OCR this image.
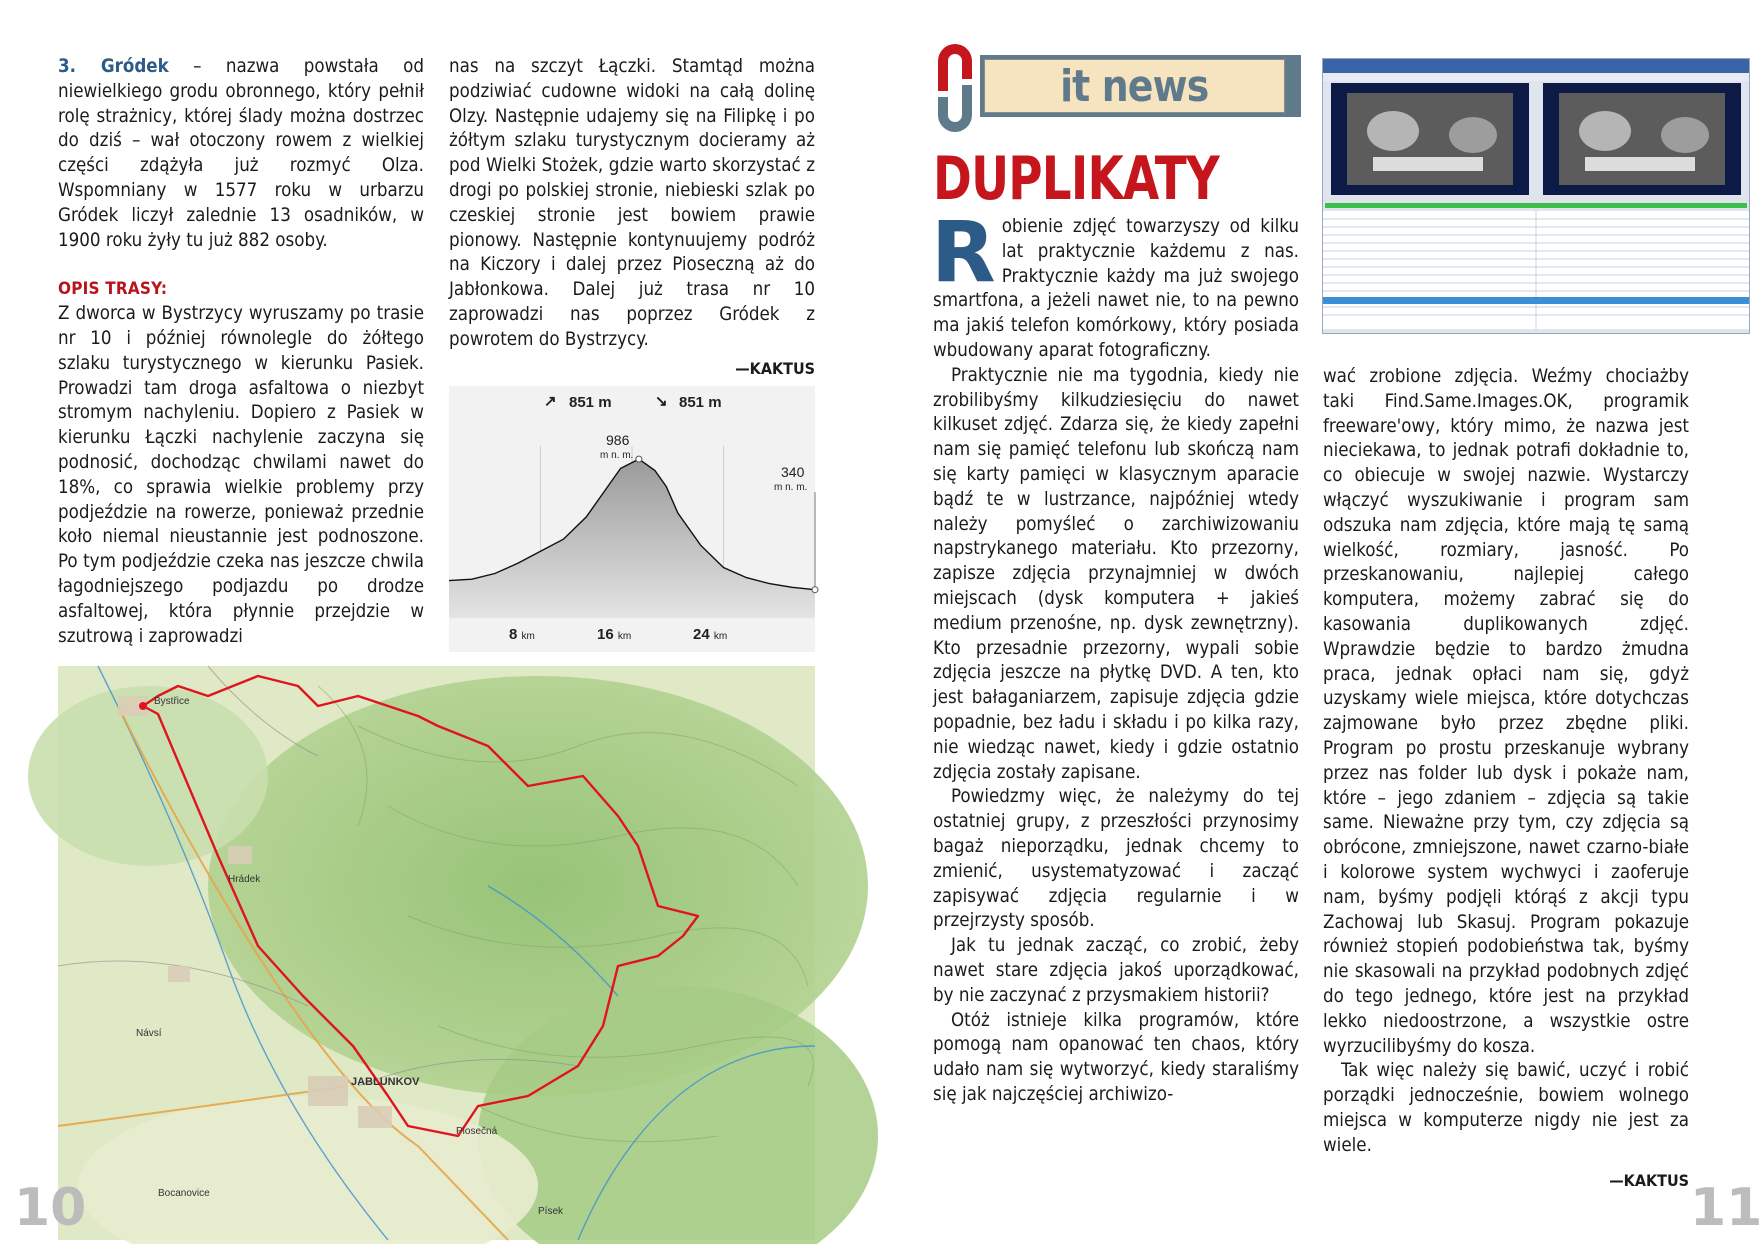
3. Gródek – nazwa powstała od niewielkiego grodu obronnego, który pełnił rolę strażnicy, której ślady można dostrzec do dziś – wał otoczony rowem z wielkiej części zdążyła już rozmyć Olza. Wspomniany w 1577 roku w urbarzu Gródek liczył zalednie 13 osadników, w 1900 roku żyły tu już 882 osoby.

OPIS TRASY:

Z dworca w Bystrzycy wyruszamy po trasie nr 10 i później równolegle do żółtego szlaku turystycznego w kierunku Pasiek. Prowadzi tam droga asfaltowa o niezbyt stromym nachyleniu. Dopiero z Pasiek w kierunku Łączki nachylenie zaczyna się podnosić, dochodząc chwilami nawet do 18%, co sprawia wielkie problemy przy podjeździe na rowerze, ponieważ przednie koło niemal nieustannie jest podnoszone. Po tym podjeździe czeka nas jeszcze chwila łagodniejszego podjazdu po drodze asfaltowej, która płynnie przejdzie w szutrową i zaprowadzi

nas na szczyt Łączki. Stamtąd można podziwiać cudowne widoki na całą dolinę Olzy. Następnie udajemy się na Filipkę i po żółtym szlaku turystycznym docieramy aż pod Wielki Stożek, gdzie warto skorzystać z drogi po polskiej stronie, niebieski szlak po czeskiej stronie jest bowiem prawie pionowy. Następnie kontynuujemy podróż na Kiczory i dalej przez Pioseczną aż do Jabłonkowa. Dalej już trasa nr 10 zaprowadzi nas poprzez Gródek z powrotem do Bystrzycy.

—KAKTUS

↗ 851 m	↘ 851 m
986
m n. m.
340
m n. m.
8 km	16 km	24 km
JABLUNKOV
Piosečná
Bystřice
Hrádek
Návsí
Bocanovice
Písek
10
it news
DUPLIKATY
R obienie zdjęć towarzyszy od kilku lat praktycznie każdemu z nas. Praktycznie każdy ma już swojego smartfona, a jeżeli nawet nie, to na pewno ma jakiś telefon komórkowy, który posiada wbudowany aparat fotograficzny.

Praktycznie nie ma tygodnia, kiedy nie zrobilibyśmy kilkudziesięciu do nawet kilkuset zdjęć. Zdarza się, że kiedy zapełni nam się pamięć telefonu lub skończą nam się karty pamięci w klasycznym aparacie bądź te w lustrzance, najpóźniej wtedy należy pomyśleć o zarchiwizowaniu napstrykanego materiału. Kto przezorny, zapisze zdjęcia przynajmniej w dwóch miejscach (dysk komputera + jakieś medium przenośne, np. dysk zewnętrzny). Kto przesadnie przezorny, wypali sobie zdjęcia jeszcze na płytkę DVD. A ten, kto jest bałaganiarzem, zapisuje zdjęcia gdzie popadnie, bez ładu i składu i po kilka razy, nie wiedząc nawet, kiedy i gdzie ostatnio zdjęcia zostały zapisane.

Powiedzmy więc, że należymy do tej ostatniej grupy, z przeszłości przynosimy bagaż nieporządku, jednak chcemy to zmienić, usystematyzować i zacząć zapisywać zdjęcia regularnie i w przejrzysty sposób.

Jak tu jednak zacząć, co zrobić, żeby nawet stare zdjęcia jakoś uporządkować, by nie zaczynać z przysmakiem historii?

Otóż istnieje kilka programów, które pomogą nam opanować ten chaos, który udało nam się wytworzyć, kiedy staraliśmy się jak najczęściej archiwizo-

wać zrobione zdjęcia. Weźmy chociażby taki Find.Same.Images.OK, programik freeware'owy, który mimo, że nazwa jest nieciekawa, to jednak potrafi dokładnie to, co obiecuje w swojej nazwie. Wystarczy włączyć wyszukiwanie i program sam odszuka nam zdjęcia, które mają tę samą wielkość, rozmiary, jasność. Po przeskanowaniu, najlepiej całego komputera, możemy zabrać się do kasowania duplikowanych zdjęć. Wprawdzie będzie to bardzo żmudna praca, jednak opłaci nam się, gdyż uzyskamy wiele miejsca, które dotychczas zajmowane było przez zbędne pliki. Program po prostu przeskanuje wybrany przez nas folder lub dysk i pokaże nam, które – jego zdaniem – zdjęcia są takie same. Nieważne przy tym, czy zdjęcia są obrócone, zmniejszone, nawet czarno-białe i kolorowe system wychwyci i zaoferuje nam, byśmy podjęli którąś z akcji typu Zachowaj lub Skasuj. Program pokazuje również stopień podobieństwa tak, byśmy nie skasowali na przykład podobnych zdjęć do tego jednego, które jest na przykład lekko niedoostrzone, a wszystkie ostre wyrzucilibyśmy do kosza.

Tak więc należy się bawić, uczyć i robić porządki jednocześnie, bowiem wolnego miejsca w komputerze nigdy nie jest za wiele.

—KAKTUS 11
